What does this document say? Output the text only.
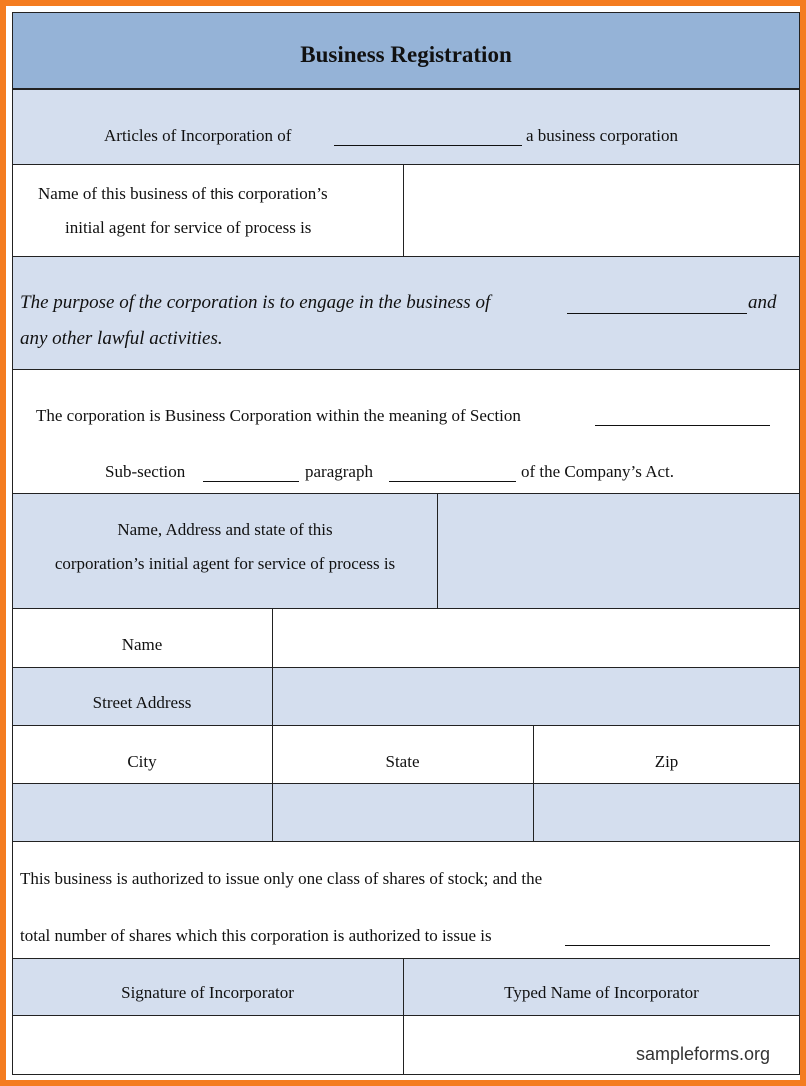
Business Registration
Articles of Incorporation of	a business corporation
Name of this business of this corporation’s
initial agent for service of process is
The purpose of the corporation is to engage in the business of	and
any other lawful activities.
The corporation is Business Corporation within the meaning of Section
Sub-section	paragraph	of the Company’s Act.
Name, Address and state of this
corporation’s initial agent for service of process is
Name
Street Address
City	State	Zip
This business is authorized to issue only one class of shares of stock; and the
total number of shares which this corporation is authorized to issue is
Signature of Incorporator	Typed Name of Incorporator
sampleforms.org
